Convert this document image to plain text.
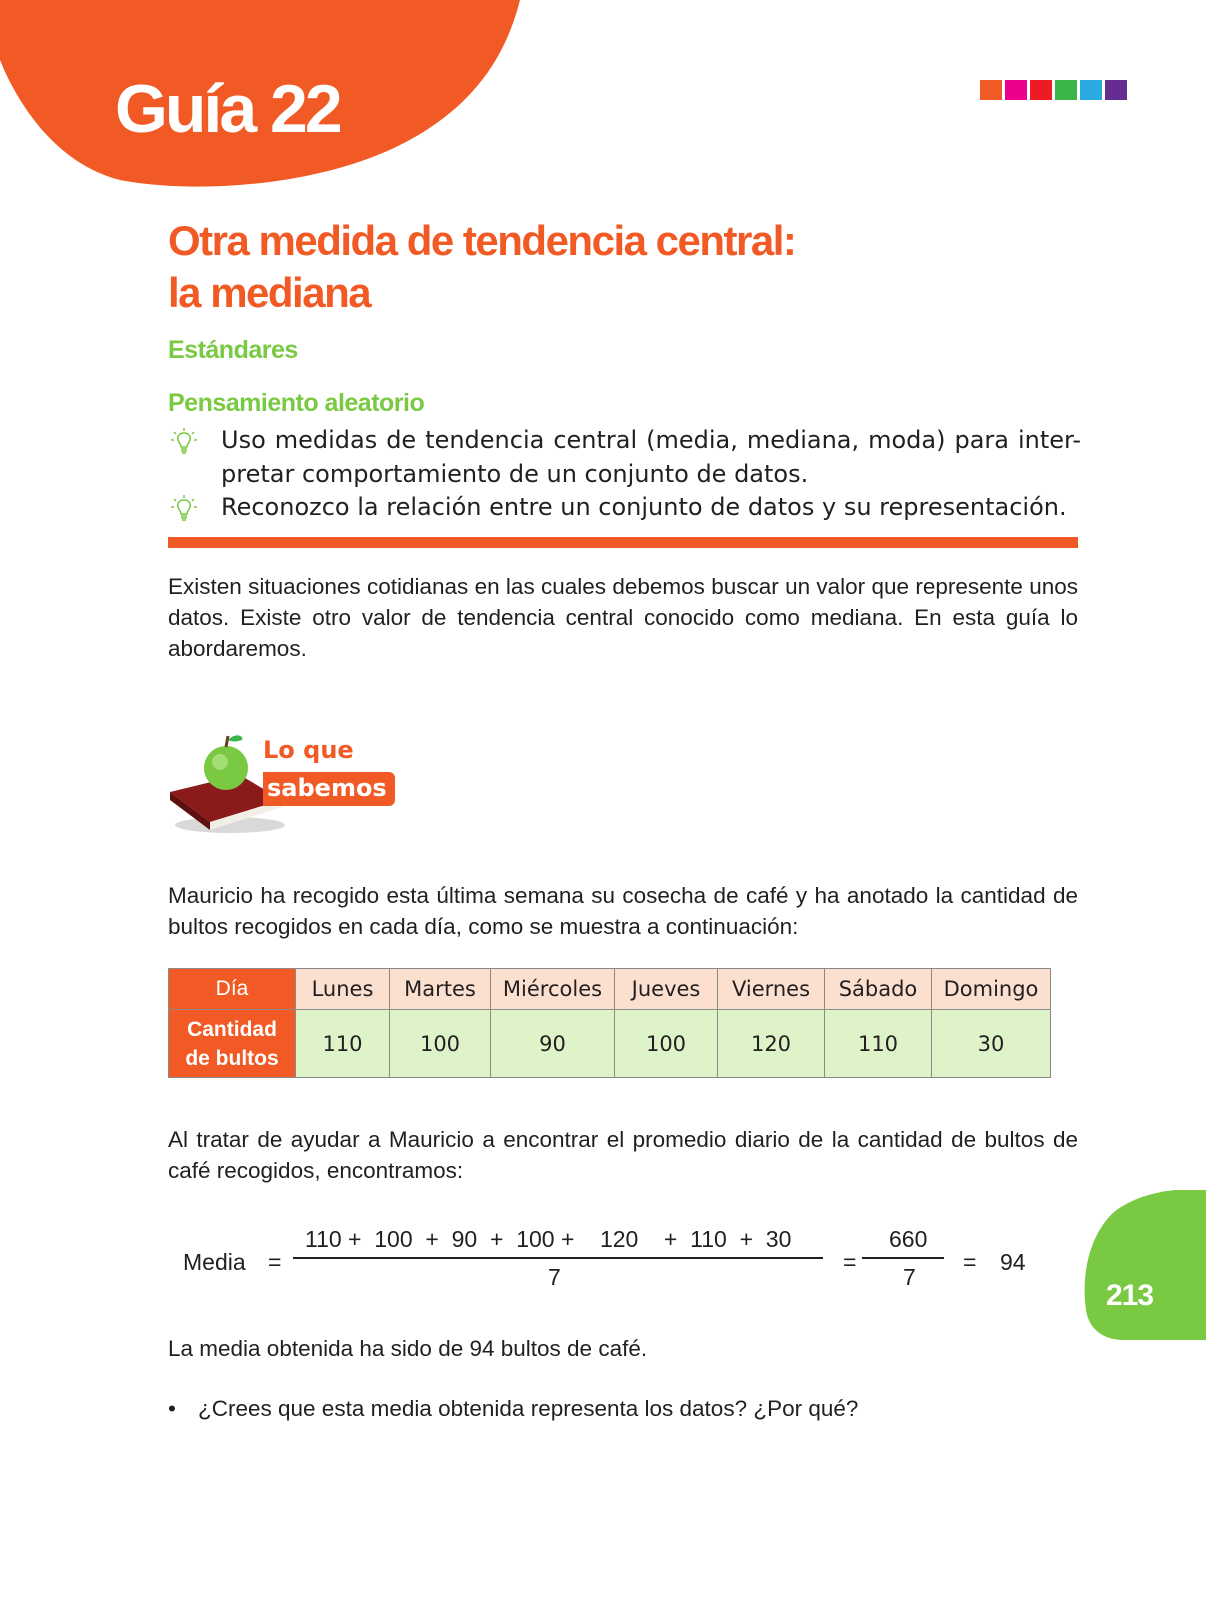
Guía 22
Otra medida de tendencia central:
la mediana
Estándares
Pensamiento aleatorio
Uso medidas de tendencia central (media, mediana, moda) para inter-pretar comportamiento de un conjunto de datos.
Reconozco la relación entre un conjunto de datos y su representación.
Existen situaciones cotidianas en las cuales debemos buscar un valor que represente unos datos. Existe otro valor de tendencia central conocido como mediana. En esta guía lo abordaremos.
Lo que
sabemos
Mauricio ha recogido esta última semana su cosecha de café y ha anotado la cantidad de bultos recogidos en cada día, como se muestra a continuación:
Día	Lunes	Martes	Miércoles	Jueves	Viernes	Sábado	Domingo

Cantidad
de bultos	110	100	90	100	120	110	30
Al tratar de ayudar a Mauricio a encontrar el promedio diario de la cantidad de bultos de café recogidos, encontramos:
Media =
110 +  100  +  90  +  100 +    120    +  110  +  30
7
=
660
7
= 94
La media obtenida ha sido de 94 bultos de café.
• ¿Crees que esta media obtenida representa los datos? ¿Por qué?
213
